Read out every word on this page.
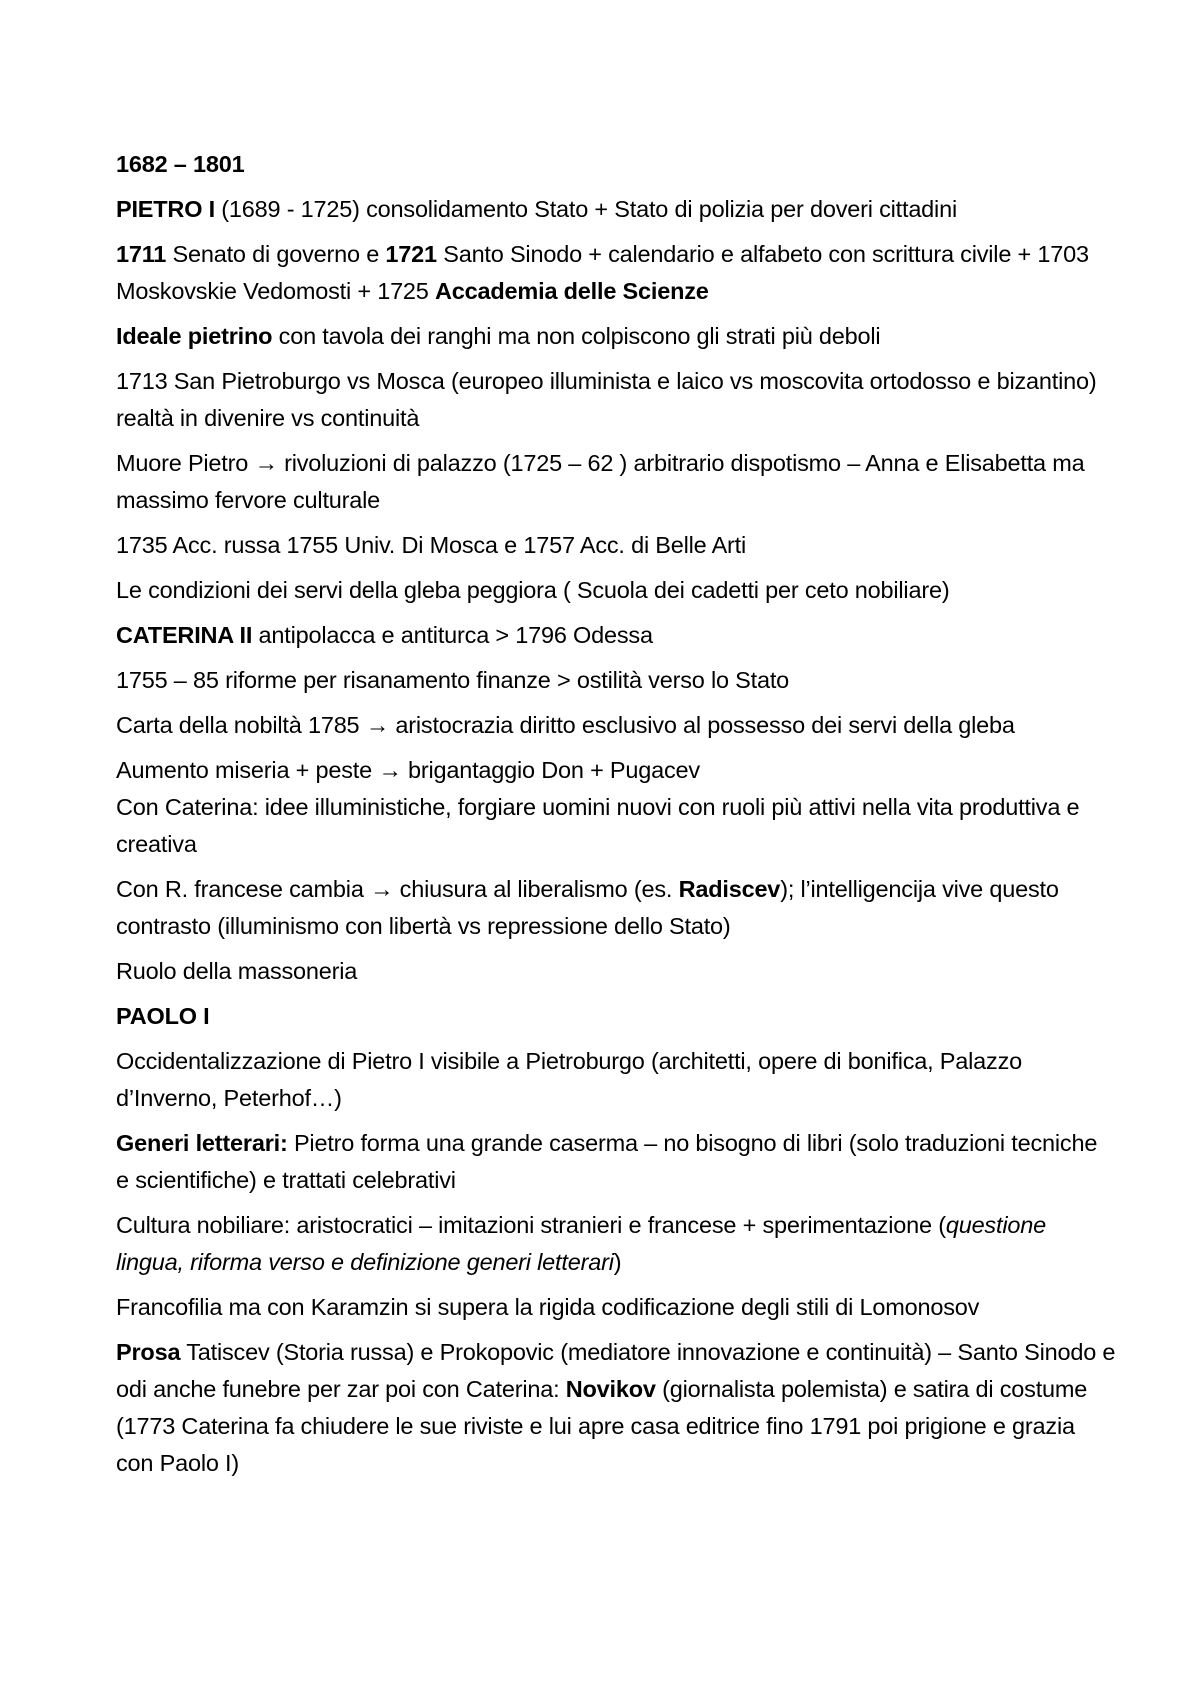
1682 – 1801

PIETRO I (1689 - 1725) consolidamento Stato + Stato di polizia per doveri cittadini

1711 Senato di governo e 1721 Santo Sinodo + calendario e alfabeto con scrittura civile + 1703 Moskovskie Vedomosti + 1725 Accademia delle Scienze

Ideale pietrino con tavola dei ranghi ma non colpiscono gli strati più deboli

1713 San Pietroburgo vs Mosca (europeo illuminista e laico vs moscovita ortodosso e bizantino) realtà in divenire vs continuità

Muore Pietro → rivoluzioni di palazzo (1725 – 62 ) arbitrario dispotismo – Anna e Elisabetta ma massimo fervore culturale

1735 Acc. russa 1755 Univ. Di Mosca e 1757 Acc. di Belle Arti

Le condizioni dei servi della gleba peggiora ( Scuola dei cadetti per ceto nobiliare)

CATERINA II antipolacca e antiturca > 1796 Odessa

1755 – 85 riforme per risanamento finanze > ostilità verso lo Stato

Carta della nobiltà 1785 → aristocrazia diritto esclusivo al possesso dei servi della gleba

Aumento miseria + peste → brigantaggio Don + Pugacev

Con Caterina: idee illuministiche, forgiare uomini nuovi con ruoli più attivi nella vita produttiva e creativa

Con R. francese cambia → chiusura al liberalismo (es. Radiscev); l’intelligencija vive questo contrasto (illuminismo con libertà vs repressione dello Stato)

Ruolo della massoneria

PAOLO I

Occidentalizzazione di Pietro I visibile a Pietroburgo (architetti, opere di bonifica, Palazzo d’Inverno, Peterhof…)

Generi letterari: Pietro forma una grande caserma – no bisogno di libri (solo traduzioni tecniche e scientifiche) e trattati celebrativi

Cultura nobiliare: aristocratici – imitazioni stranieri e francese + sperimentazione (questione lingua, riforma verso e definizione generi letterari)

Francofilia ma con Karamzin si supera la rigida codificazione degli stili di Lomonosov

Prosa Tatiscev (Storia russa) e Prokopovic (mediatore innovazione e continuità) – Santo Sinodo e odi anche funebre per zar poi con Caterina: Novikov (giornalista polemista) e satira di costume (1773 Caterina fa chiudere le sue riviste e lui apre casa editrice fino 1791 poi prigione e grazia con Paolo I)
